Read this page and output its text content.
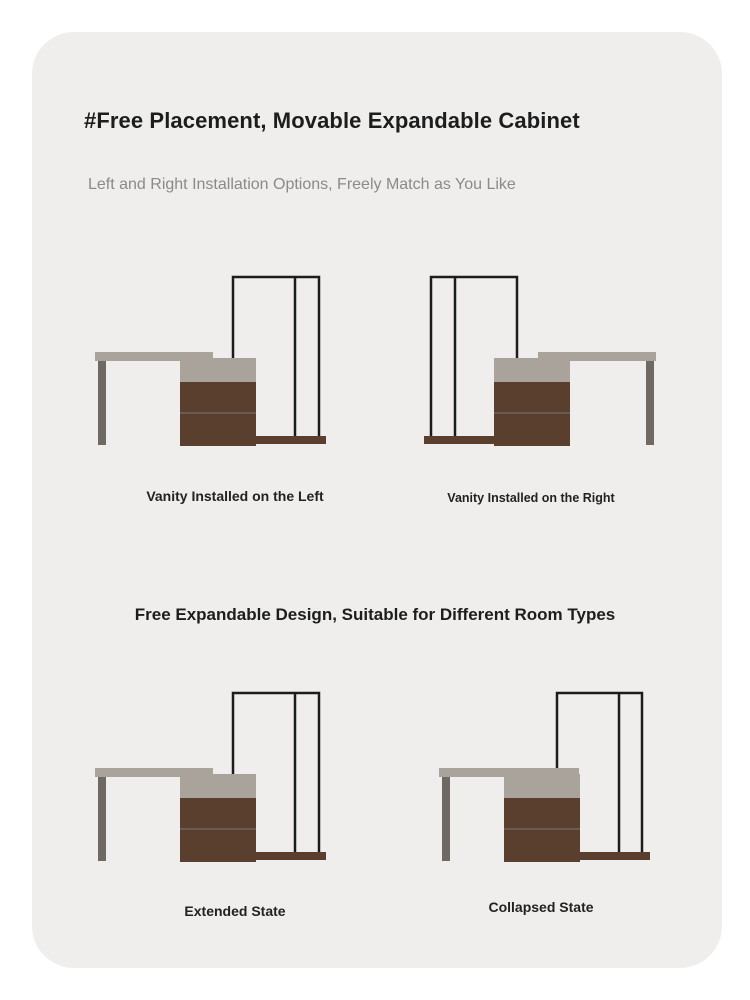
#Free Placement, Movable Expandable Cabinet
Left and Right Installation Options, Freely Match as You Like
Vanity Installed on the Left	Vanity Installed on the Right
Free Expandable Design, Suitable for Different Room Types
Extended State	Collapsed State
